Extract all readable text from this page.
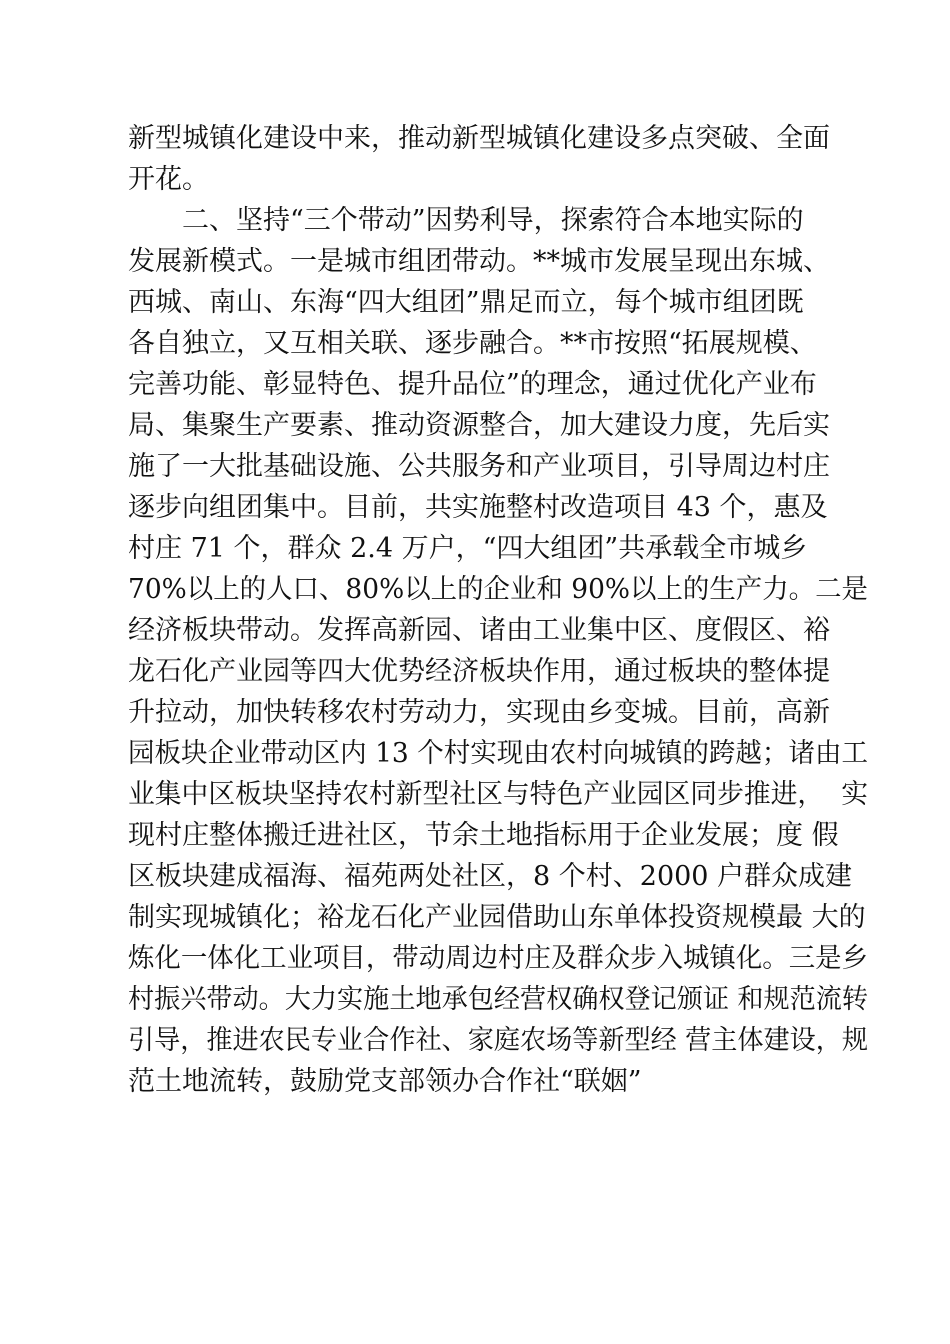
新型城镇化建设中来，推动新型城镇化建设多点突破、全面
开花。
二、坚持“三个带动”因势利导，探索符合本地实际的
发展新模式。一是城市组团带动。**城市发展呈现出东城、
西城、南山、东海“四大组团”鼎足而立，每个城市组团既
各自独立，又互相关联、逐步融合。**市按照“拓展规模、
完善功能、彰显特色、提升品位”的理念，通过优化产业布
局、集聚生产要素、推动资源整合，加大建设力度，先后实
施了一大批基础设施、公共服务和产业项目，引导周边村庄
逐步向组团集中。目前，共实施整村改造项目 43 个，惠及
村庄 71 个，群众 2.4 万户，“四大组团”共承载全市城乡
70%以上的人口、80%以上的企业和 90%以上的生产力。二是
经济板块带动。发挥高新园、诸由工业集中区、度假区、裕
龙石化产业园等四大优势经济板块作用，通过板块的整体提
升拉动，加快转移农村劳动力，实现由乡变城。目前，高新
园板块企业带动区内 13 个村实现由农村向城镇的跨越；诸由工
业集中区板块坚持农村新型社区与特色产业园区同步推进，  实
现村庄整体搬迁进社区，节余土地指标用于企业发展；度 假
区板块建成福海、福苑两处社区，8 个村、2000 户群众成建
制实现城镇化；裕龙石化产业园借助山东单体投资规模最 大的
炼化一体化工业项目，带动周边村庄及群众步入城镇化。三是乡
村振兴带动。大力实施土地承包经营权确权登记颁证 和规范流转
引导，推进农民专业合作社、家庭农场等新型经 营主体建设，规
范土地流转，鼓励党支部领办合作社“联姻”
